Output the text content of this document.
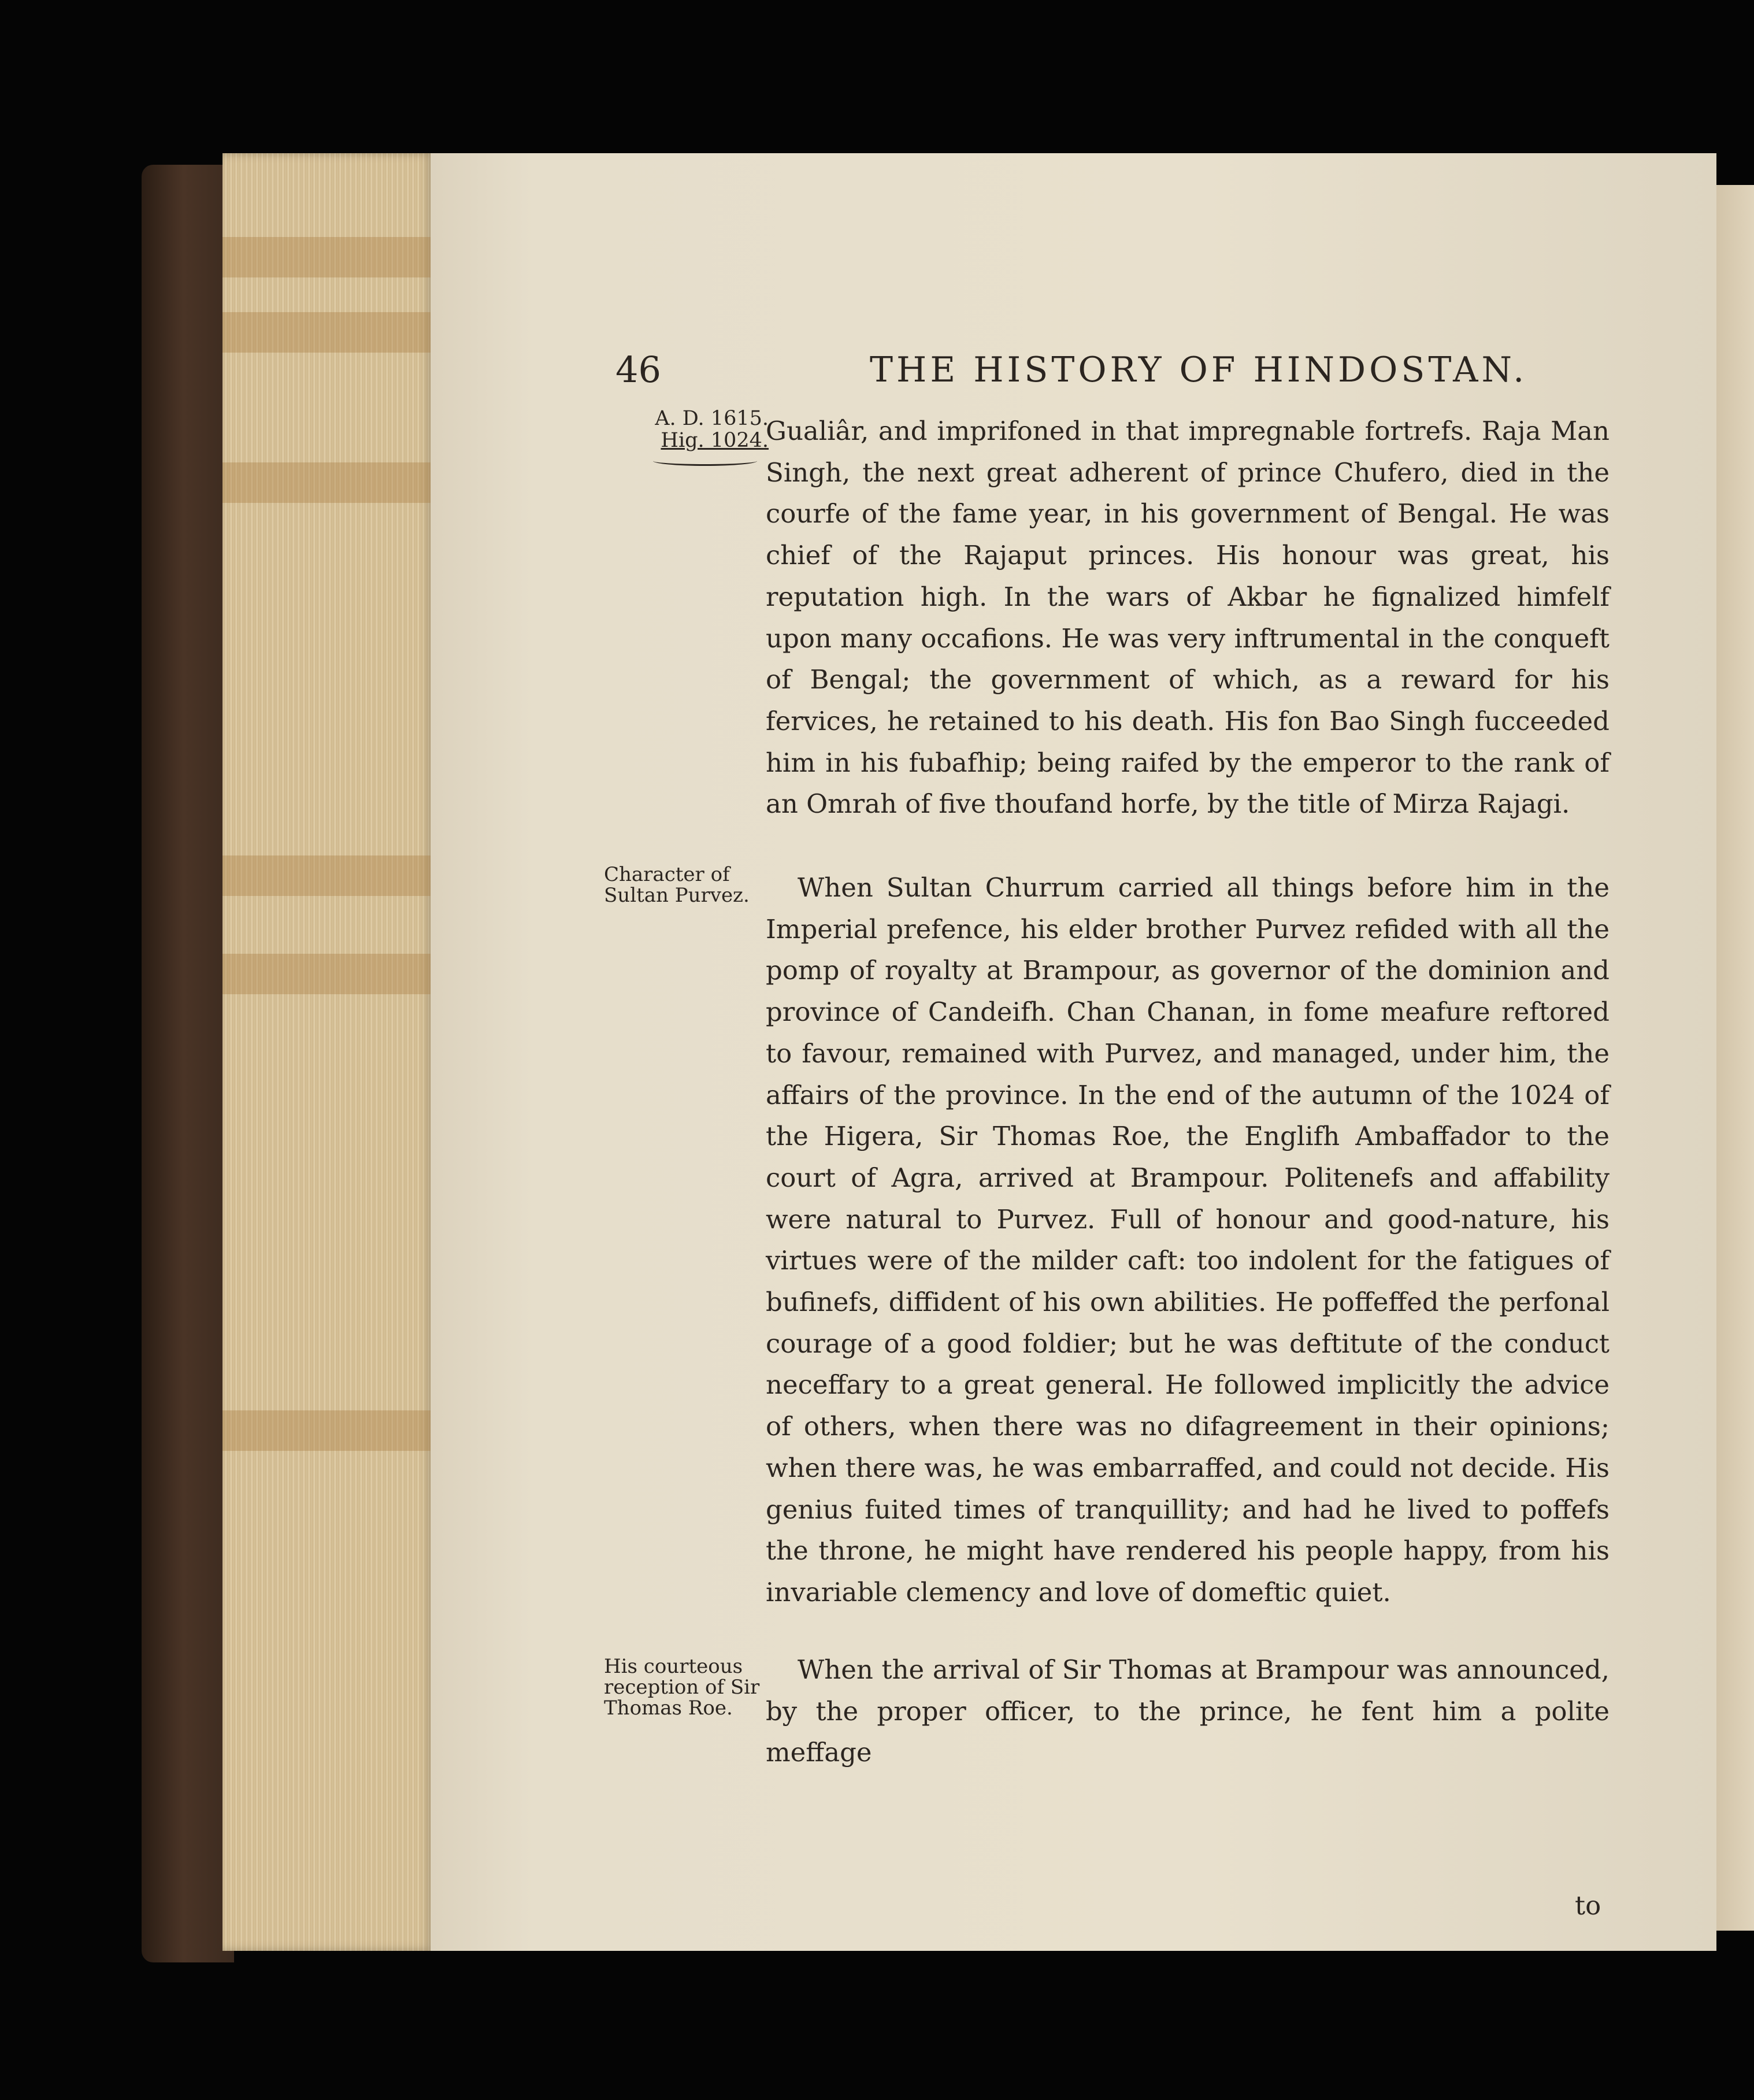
46	THE HISTORY OF HINDOSTAN.
A. D. 1615.
Hig. 1024.
Character of Sultan Purvez.
His courteous reception of Sir Thomas Roe.

Gualiâr, and imprifoned in that impregnable fortrefs. Raja Man Singh, the next great adherent of prince Chufero, died in the courfe of the fame year, in his government of Bengal. He was chief of the Rajaput princes. His honour was great, his reputation high. In the wars of Akbar he fignalized himfelf upon many occafions. He was very inftrumental in the conqueft of Bengal; the government of which, as a reward for his fervices, he retained to his death. His fon Bao Singh fucceeded him in his fubafhip; being raifed by the emperor to the rank of an Omrah of five thoufand horfe, by the title of Mirza Rajagi.

When Sultan Churrum carried all things before him in the Imperial prefence, his elder brother Purvez refided with all the pomp of royalty at Brampour, as governor of the dominion and province of Candeifh. Chan Chanan, in fome meafure reftored to favour, remained with Purvez, and managed, under him, the affairs of the province. In the end of the autumn of the 1024 of the Higera, Sir Thomas Roe, the Englifh Ambaffador to the court of Agra, arrived at Brampour. Politenefs and affability were natural to Purvez. Full of honour and good-nature, his virtues were of the milder caft: too indolent for the fatigues of bufinefs, diffident of his own abilities. He poffeffed the perfonal courage of a good foldier; but he was deftitute of the conduct neceffary to a great general. He followed implicitly the advice of others, when there was no difagreement in their opinions; when there was, he was embarraffed, and could not decide. His genius fuited times of tranquillity; and had he lived to poffefs the throne, he might have rendered his people happy, from his invariable clemency and love of domeftic quiet.

When the arrival of Sir Thomas at Brampour was announced, by the proper officer, to the prince, he fent him a polite meffage

to
